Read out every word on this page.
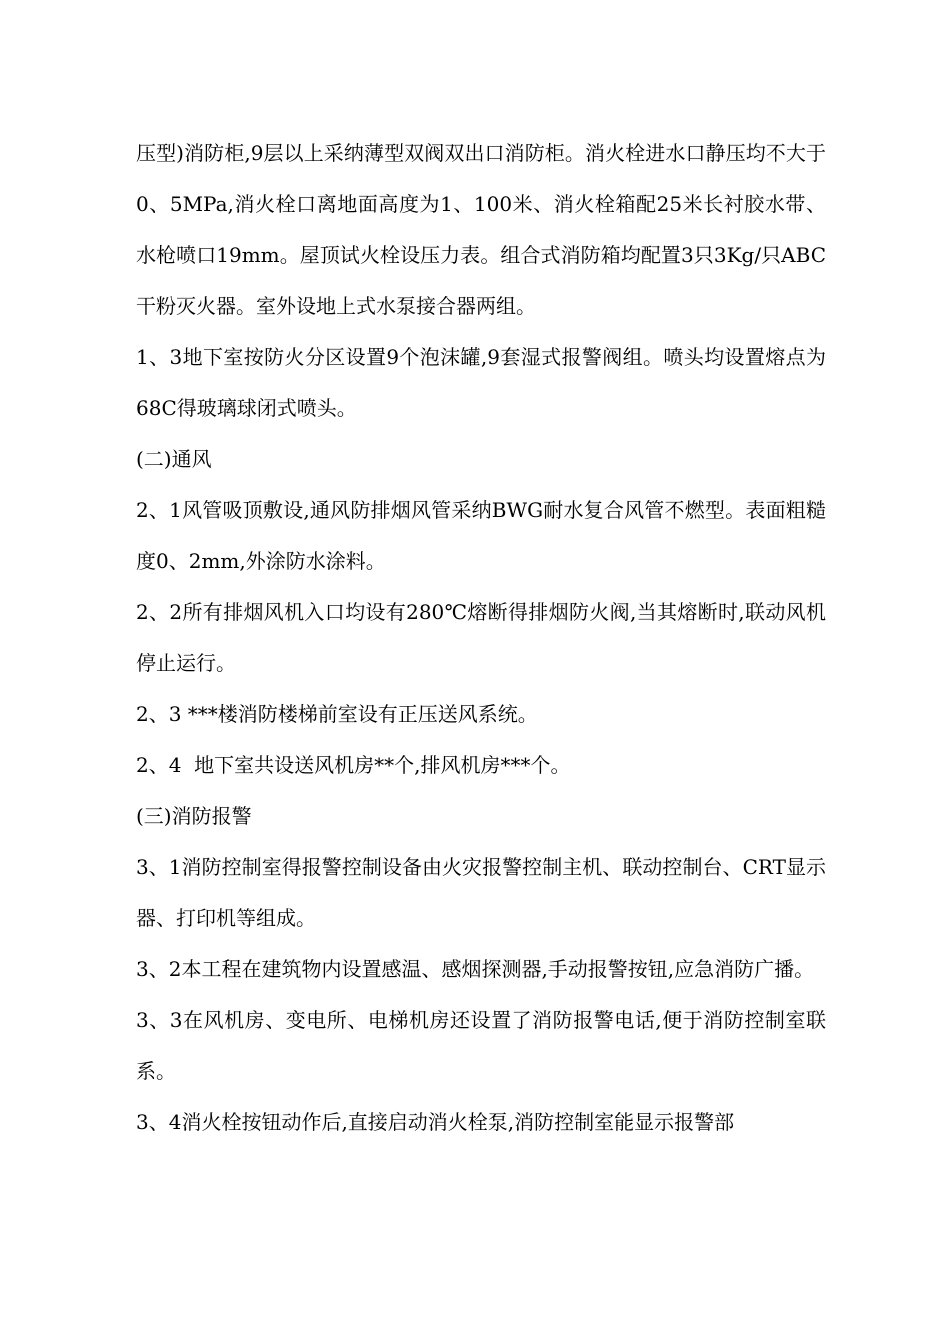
压型)消防柜,9层以上采纳薄型双阀双出口消防柜。消火栓进水口静压均不大于0、5MPa,消火栓口离地面高度为1、100米、消火栓箱配25米长衬胶水带、水枪喷口19mm。屋顶试火栓设压力表。组合式消防箱均配置3只3Kg/只ABC干粉灭火器。室外设地上式水泵接合器两组。

1、3地下室按防火分区设置9个泡沫罐,9套湿式报警阀组。喷头均设置熔点为68C得玻璃球闭式喷头。

(二)通风

2、1风管吸顶敷设,通风防排烟风管采纳BWG耐水复合风管不燃型。表面粗糙度0、2mm,外涂防水涂料。

2、2所有排烟风机入口均设有280℃熔断得排烟防火阀,当其熔断时,联动风机停止运行。

2、3 ***楼消防楼梯前室设有正压送风系统。

2、4  地下室共设送风机房**个,排风机房***个。

(三)消防报警

3、1消防控制室得报警控制设备由火灾报警控制主机、联动控制台、CRT显示器、打印机等组成。

3、2本工程在建筑物内设置感温、感烟探测器,手动报警按钮,应急消防广播。

3、3在风机房、变电所、电梯机房还设置了消防报警电话,便于消防控制室联系。

3、4消火栓按钮动作后,直接启动消火栓泵,消防控制室能显示报警部
